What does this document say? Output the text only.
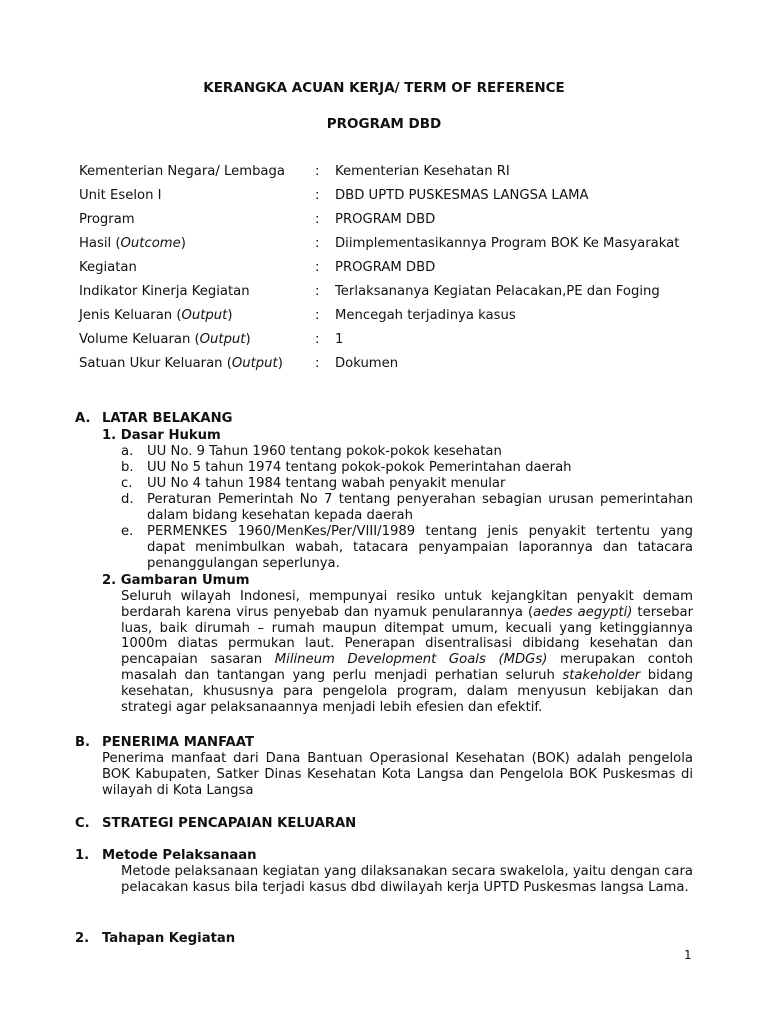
KERANGKA ACUAN KERJA/ TERM OF REFERENCE
PROGRAM DBD
Kementerian Negara/ Lembaga : Kementerian Kesehatan RI
Unit Eselon I	: DBD UPTD PUSKESMAS LANGSA LAMA
Program	: PROGRAM DBD
Hasil (Outcome)	: Diimplementasikannya Program BOK Ke Masyarakat
Kegiatan	: PROGRAM DBD
Indikator Kinerja Kegiatan	: Terlaksananya Kegiatan Pelacakan,PE dan Foging
Jenis Keluaran (Output)	: Mencegah terjadinya kasus
Volume Keluaran (Output)	: 1
Satuan Ukur Keluaran (Output) : Dokumen
A. LATAR BELAKANG
1. Dasar Hukum
a. UU No. 9 Tahun 1960 tentang pokok-pokok kesehatan
b. UU No 5 tahun 1974 tentang pokok-pokok Pemerintahan daerah
c. UU No 4 tahun 1984 tentang wabah penyakit menular
d. Peraturan Pemerintah No 7 tentang penyerahan sebagian urusan pemerintahan dalam bidang kesehatan kepada daerah
e. PERMENKES 1960/MenKes/Per/VIII/1989 tentang jenis penyakit tertentu yang dapat menimbulkan wabah, tatacara penyampaian laporannya dan tatacara penanggulangan seperlunya.
2. Gambaran Umum
Seluruh wilayah Indonesi, mempunyai resiko untuk kejangkitan penyakit demam berdarah karena virus penyebab dan nyamuk penularannya (aedes aegypti) tersebar luas, baik dirumah – rumah maupun ditempat umum, kecuali yang ketinggiannya 1000m diatas permukan laut. Penerapan disentralisasi dibidang kesehatan dan pencapaian sasaran Milineum Development Goals (MDGs) merupakan contoh masalah dan tantangan yang perlu menjadi perhatian seluruh stakeholder bidang kesehatan, khususnya para pengelola program, dalam menyusun kebijakan dan strategi agar pelaksanaannya menjadi lebih efesien dan efektif.
B. PENERIMA MANFAAT
Penerima manfaat dari Dana Bantuan Operasional Kesehatan (BOK) adalah pengelola BOK Kabupaten, Satker Dinas Kesehatan Kota Langsa dan Pengelola BOK Puskesmas di wilayah di Kota Langsa
C. STRATEGI PENCAPAIAN KELUARAN
1. Metode Pelaksanaan
Metode pelaksanaan kegiatan yang dilaksanakan secara swakelola, yaitu dengan cara pelacakan kasus bila terjadi kasus dbd diwilayah kerja UPTD Puskesmas langsa Lama.
2. Tahapan Kegiatan
1
